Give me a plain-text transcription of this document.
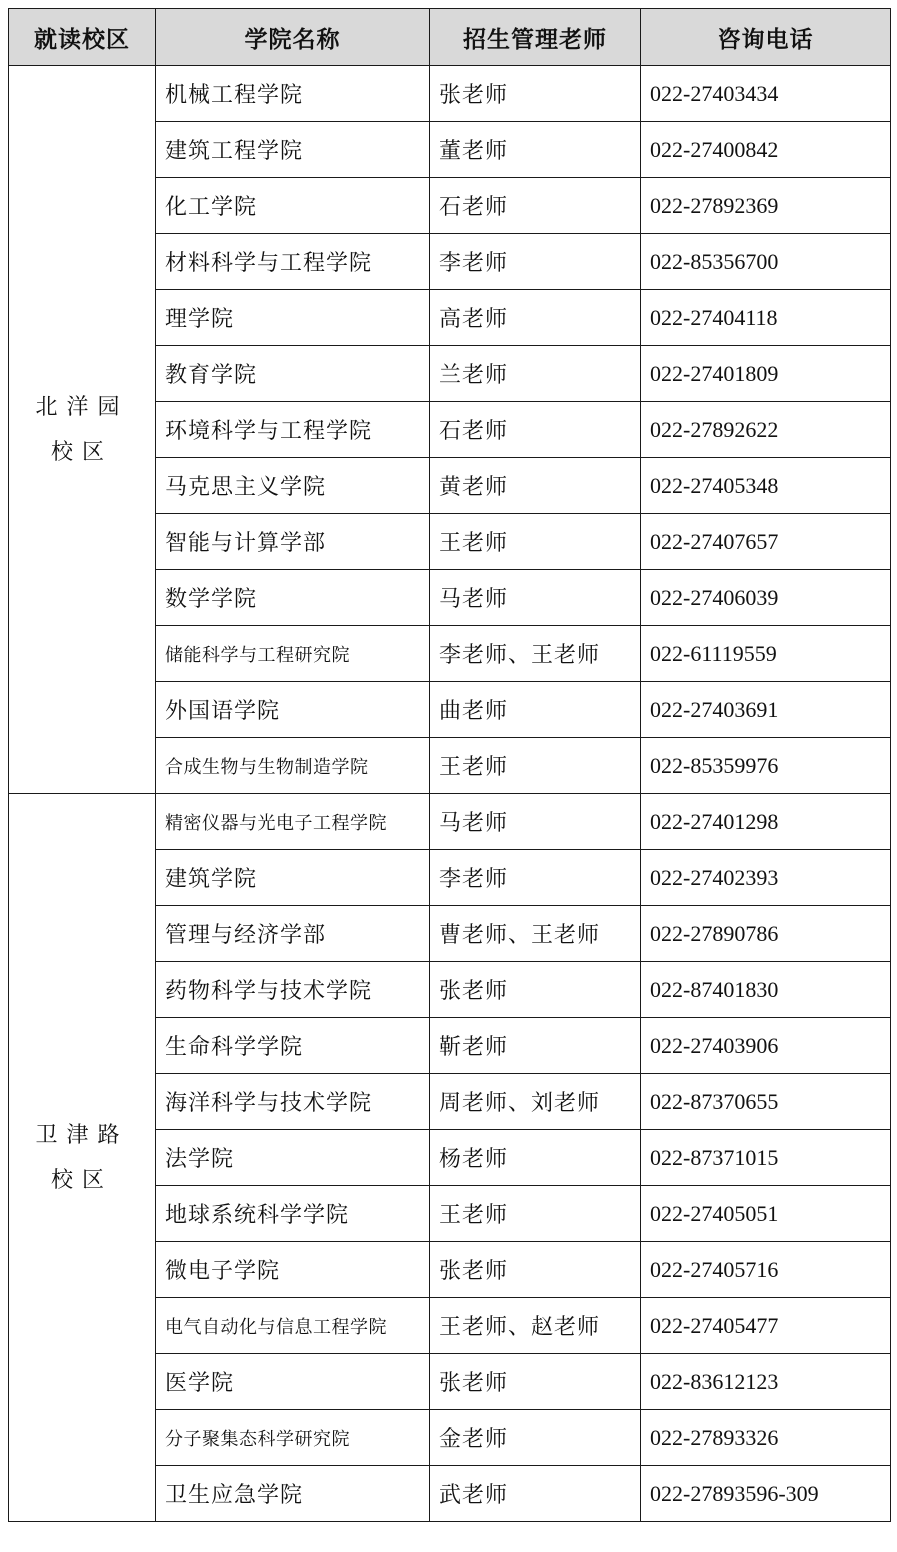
就读校区	学院名称	招生管理老师	咨询电话

北洋园
校区	机械工程学院	张老师	022-27403434
	建筑工程学院	董老师	022-27400842
	化工学院	石老师	022-27892369
	材料科学与工程学院	李老师	022-85356700
	理学院	高老师	022-27404118
	教育学院	兰老师	022-27401809
	环境科学与工程学院	石老师	022-27892622
	马克思主义学院	黄老师	022-27405348
	智能与计算学部	王老师	022-27407657
	数学学院	马老师	022-27406039
	储能科学与工程研究院	李老师、王老师	022-61119559
	外国语学院	曲老师	022-27403691
	合成生物与生物制造学院	王老师	022-85359976

卫津路
校区	精密仪器与光电子工程学院	马老师	022-27401298
	建筑学院	李老师	022-27402393
	管理与经济学部	曹老师、王老师	022-27890786
	药物科学与技术学院	张老师	022-87401830
	生命科学学院	靳老师	022-27403906
	海洋科学与技术学院	周老师、刘老师	022-87370655
	法学院	杨老师	022-87371015
	地球系统科学学院	王老师	022-27405051
	微电子学院	张老师	022-27405716
	电气自动化与信息工程学院	王老师、赵老师	022-27405477
	医学院	张老师	022-83612123
	分子聚集态科学研究院	金老师	022-27893326
	卫生应急学院	武老师	022-27893596-309
